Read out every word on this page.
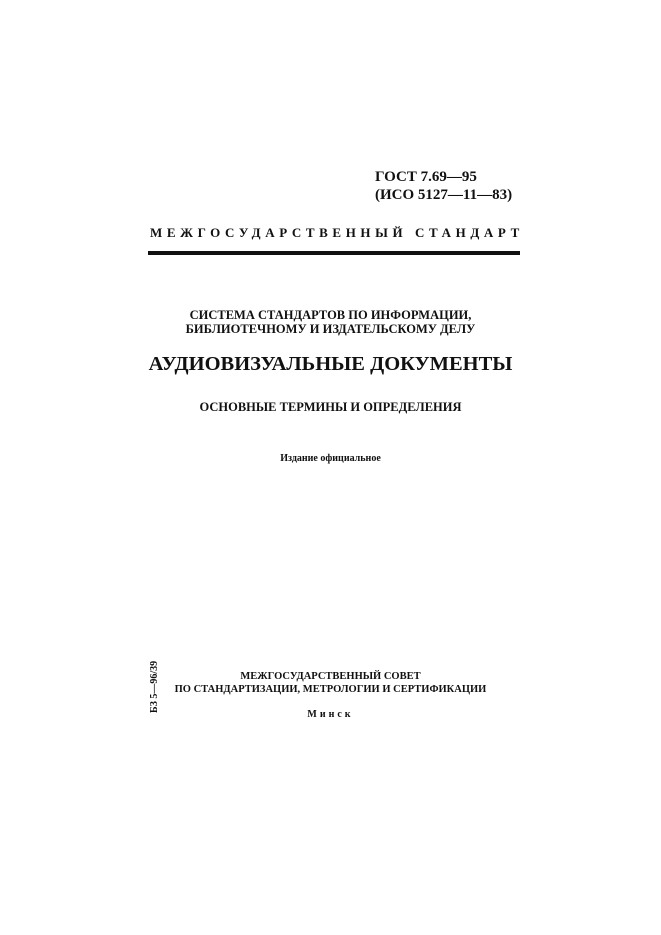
ГОСТ 7.69—95
(ИСО 5127—11—83)
МЕЖГОСУДАРСТВЕННЫЙ СТАНДАРТ
СИСТЕМА СТАНДАРТОВ ПО ИНФОРМАЦИИ,
БИБЛИОТЕЧНОМУ И ИЗДАТЕЛЬСКОМУ ДЕЛУ
АУДИОВИЗУАЛЬНЫЕ ДОКУМЕНТЫ
ОСНОВНЫЕ ТЕРМИНЫ И ОПРЕДЕЛЕНИЯ
Издание официальное
БЗ 5—96/39	МЕЖГОСУДАРСТВЕННЫЙ СОВЕТ
ПО СТАНДАРТИЗАЦИИ, МЕТРОЛОГИИ И СЕРТИФИКАЦИИ
Минск
